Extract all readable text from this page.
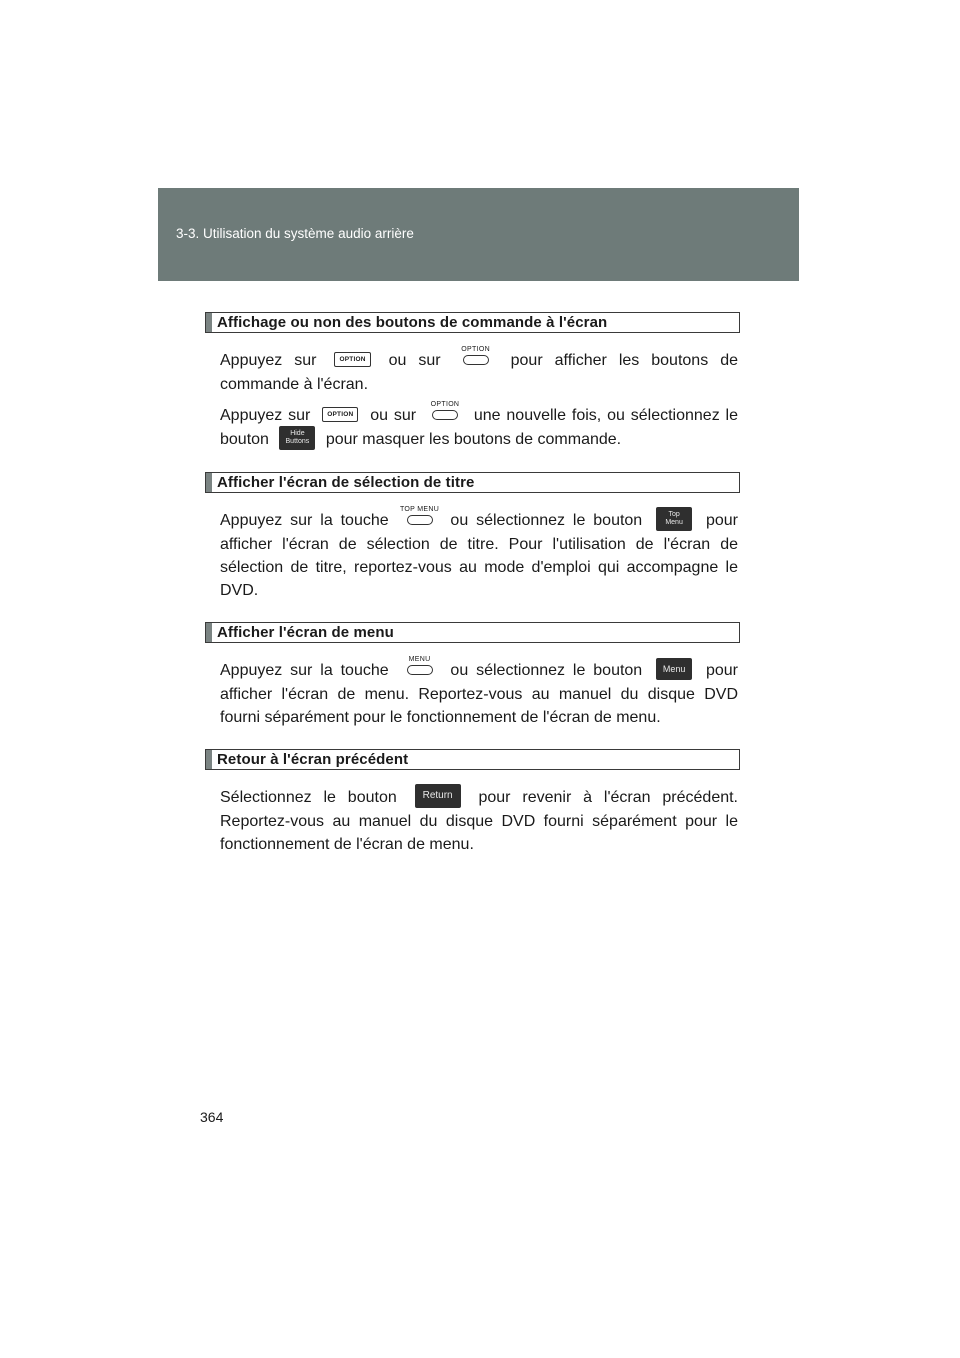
3-3. Utilisation du système audio arrière
Affichage ou non des boutons de commande à l'écran

Appuyez sur OPTION ou sur
OPTION
pour afficher les boutons de commande à l'écran.

Appuyez sur OPTION ou sur
OPTION
une nouvelle fois, ou sélectionnez le bouton Hide
Buttons pour masquer les boutons de commande.

Afficher l'écran de sélection de titre

Appuyez sur la touche
TOP MENU
ou sélectionnez le bouton	Top
Menu pour afficher l'écran de sélection de titre. Pour l'utilisation de l'écran de sélection de titre, reportez-vous au mode d'emploi qui accompagne le DVD.

Afficher l'écran de menu

Appuyez sur la touche
MENU
ou sélectionnez le bouton Menu pour afficher l'écran de menu. Reportez-vous au manuel du disque DVD fourni séparément pour le fonctionnement de l'écran de menu.

Retour à l'écran précédent

Sélectionnez le bouton Return pour revenir à l'écran précédent. Reportez-vous au manuel du disque DVD fourni séparément pour le fonctionnement de l'écran de menu.

364
